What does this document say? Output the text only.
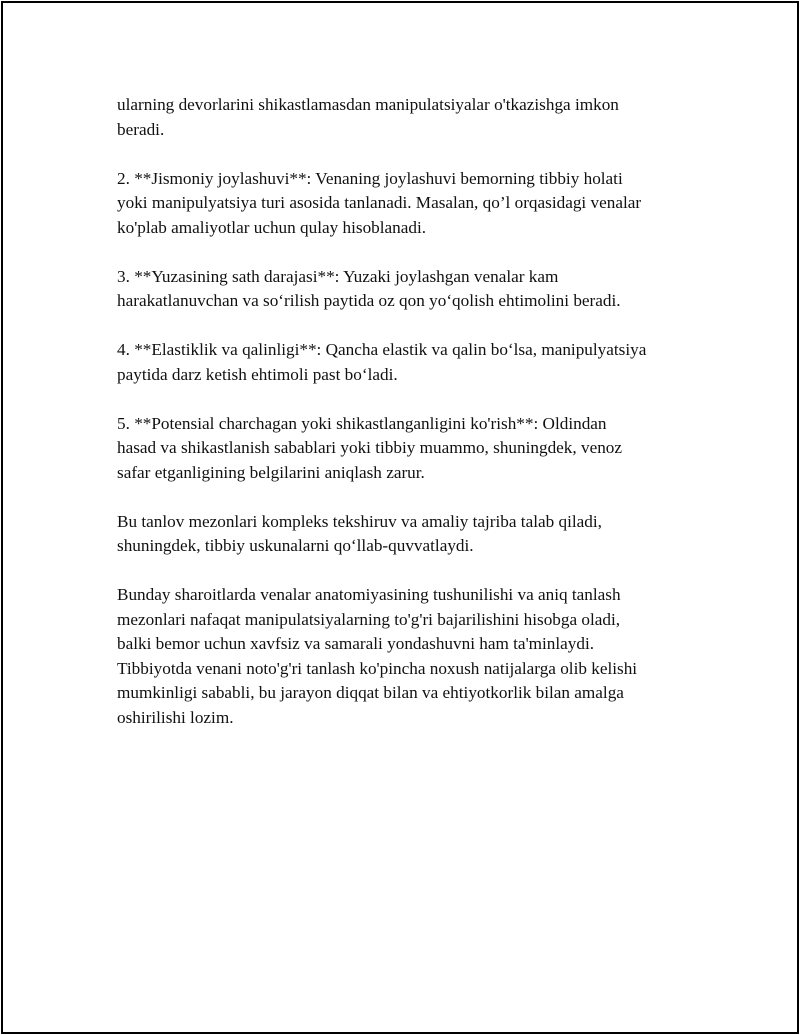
ularning devorlarini shikastlamasdan manipulatsiyalar o'tkazishga imkon
beradi.
2. **Jismoniy joylashuvi**: Venaning joylashuvi bemorning tibbiy holati
yoki manipulyatsiya turi asosida tanlanadi. Masalan, qo’l orqasidagi venalar
ko'plab amaliyotlar uchun qulay hisoblanadi.
3. **Yuzasining sath darajasi**: Yuzaki joylashgan venalar kam
harakatlanuvchan va so‘rilish paytida oz qon yo‘qolish ehtimolini beradi.
4. **Elastiklik va qalinligi**: Qancha elastik va qalin bo‘lsa, manipulyatsiya
paytida darz ketish ehtimoli past bo‘ladi.
5. **Potensial charchagan yoki shikastlanganligini ko'rish**: Oldindan
hasad va shikastlanish sabablari yoki tibbiy muammo, shuningdek, venoz
safar etganligining belgilarini aniqlash zarur.
Bu tanlov mezonlari kompleks tekshiruv va amaliy tajriba talab qiladi,
shuningdek, tibbiy uskunalarni qo‘llab-quvvatlaydi.
Bunday sharoitlarda venalar anatomiyasining tushunilishi va aniq tanlash
mezonlari nafaqat manipulatsiyalarning to'g'ri bajarilishini hisobga oladi,
balki bemor uchun xavfsiz va samarali yondashuvni ham ta'minlaydi.
Tibbiyotda venani noto'g'ri tanlash ko'pincha noxush natijalarga olib kelishi
mumkinligi sababli, bu jarayon diqqat bilan va ehtiyotkorlik bilan amalga
oshirilishi lozim.
